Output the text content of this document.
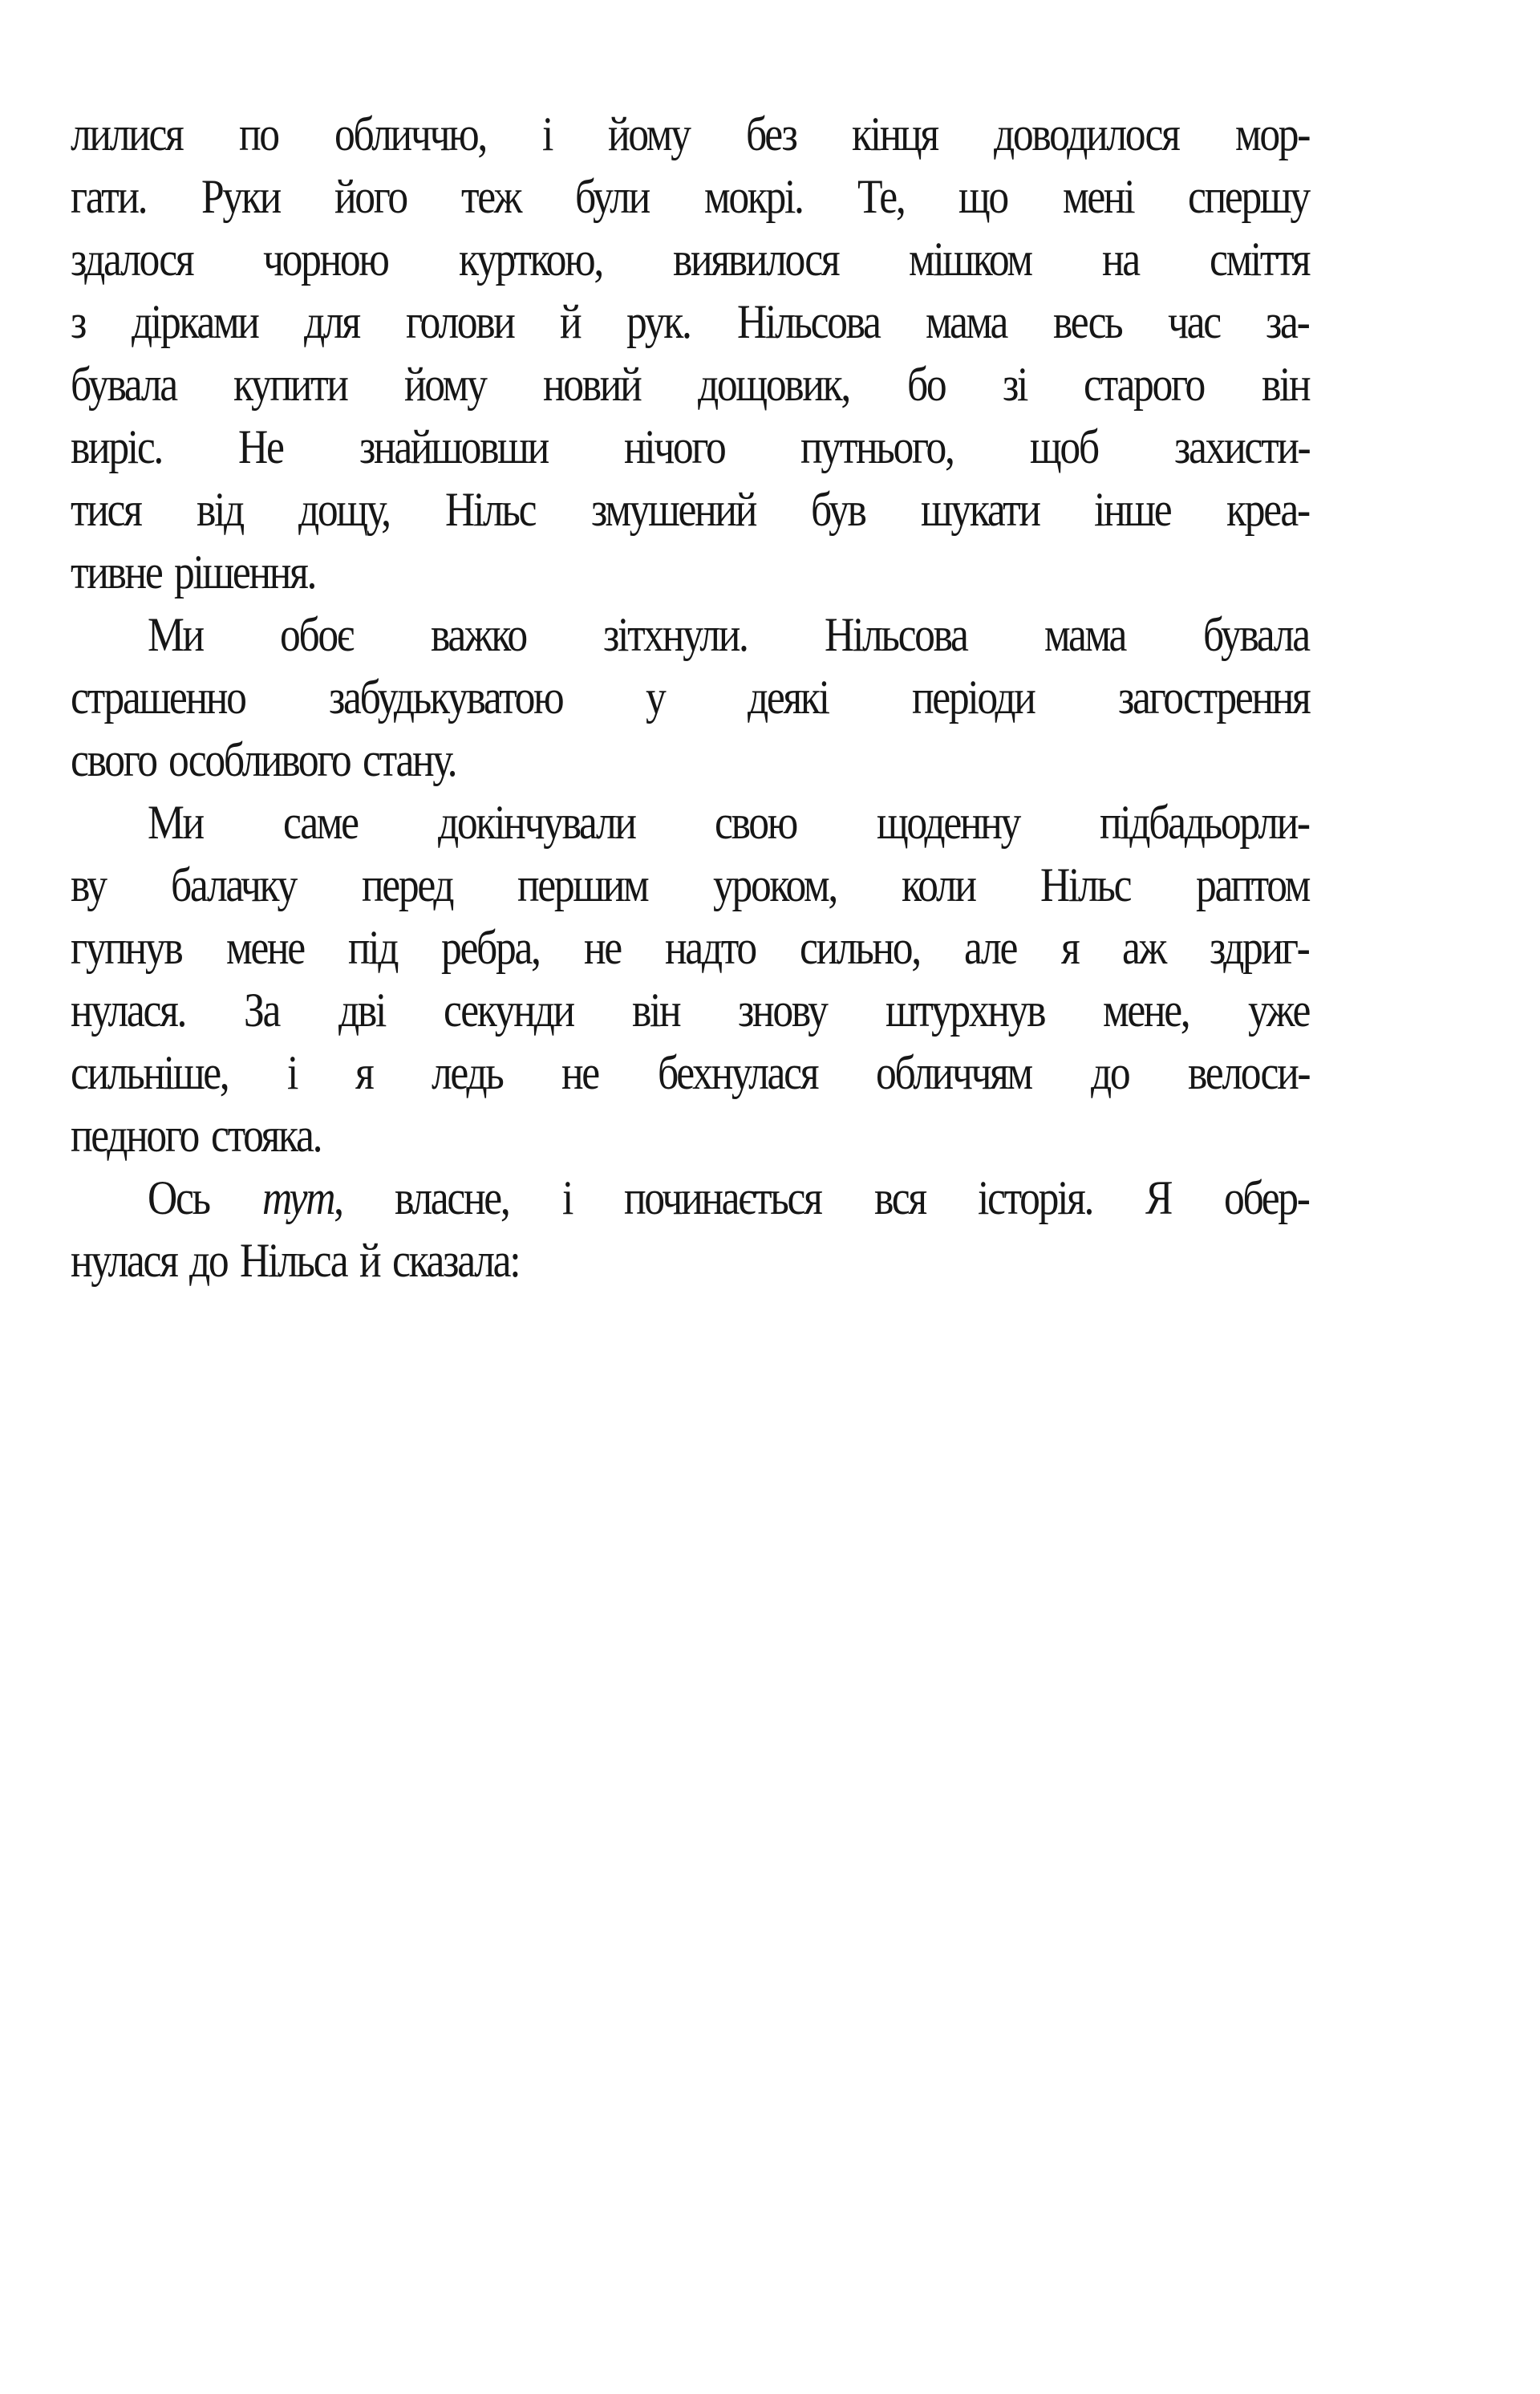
лилися по обличчю, і йому без кінця доводилося мор-
гати. Руки його теж були мокрі. Те, що мені спершу
здалося чорною курткою, виявилося мішком на сміття
з дірками для голови й рук. Нільсова мама весь час за-
бувала купити йому новий дощовик, бо зі старого він
виріс. Не знайшовши нічого путнього, щоб захисти-
тися від дощу, Нільс змушений був шукати інше креа-
тивне рішення.
Ми обоє важко зітхнули. Нільсова мама бувала
страшенно забудькуватою у деякі періоди загострення
свого особливого стану.
Ми саме докінчували свою щоденну підбадьорли-
ву балачку перед першим уроком, коли Нільс раптом
гупнув мене під ребра, не надто сильно, але я аж здриг-
нулася. За дві секунди він знову штурхнув мене, уже
сильніше, і я ледь не бехнулася обличчям до велоси-
педного стояка.
Ось тут, власне, і починається вся історія. Я обер-
нулася до Нільса й сказала:
